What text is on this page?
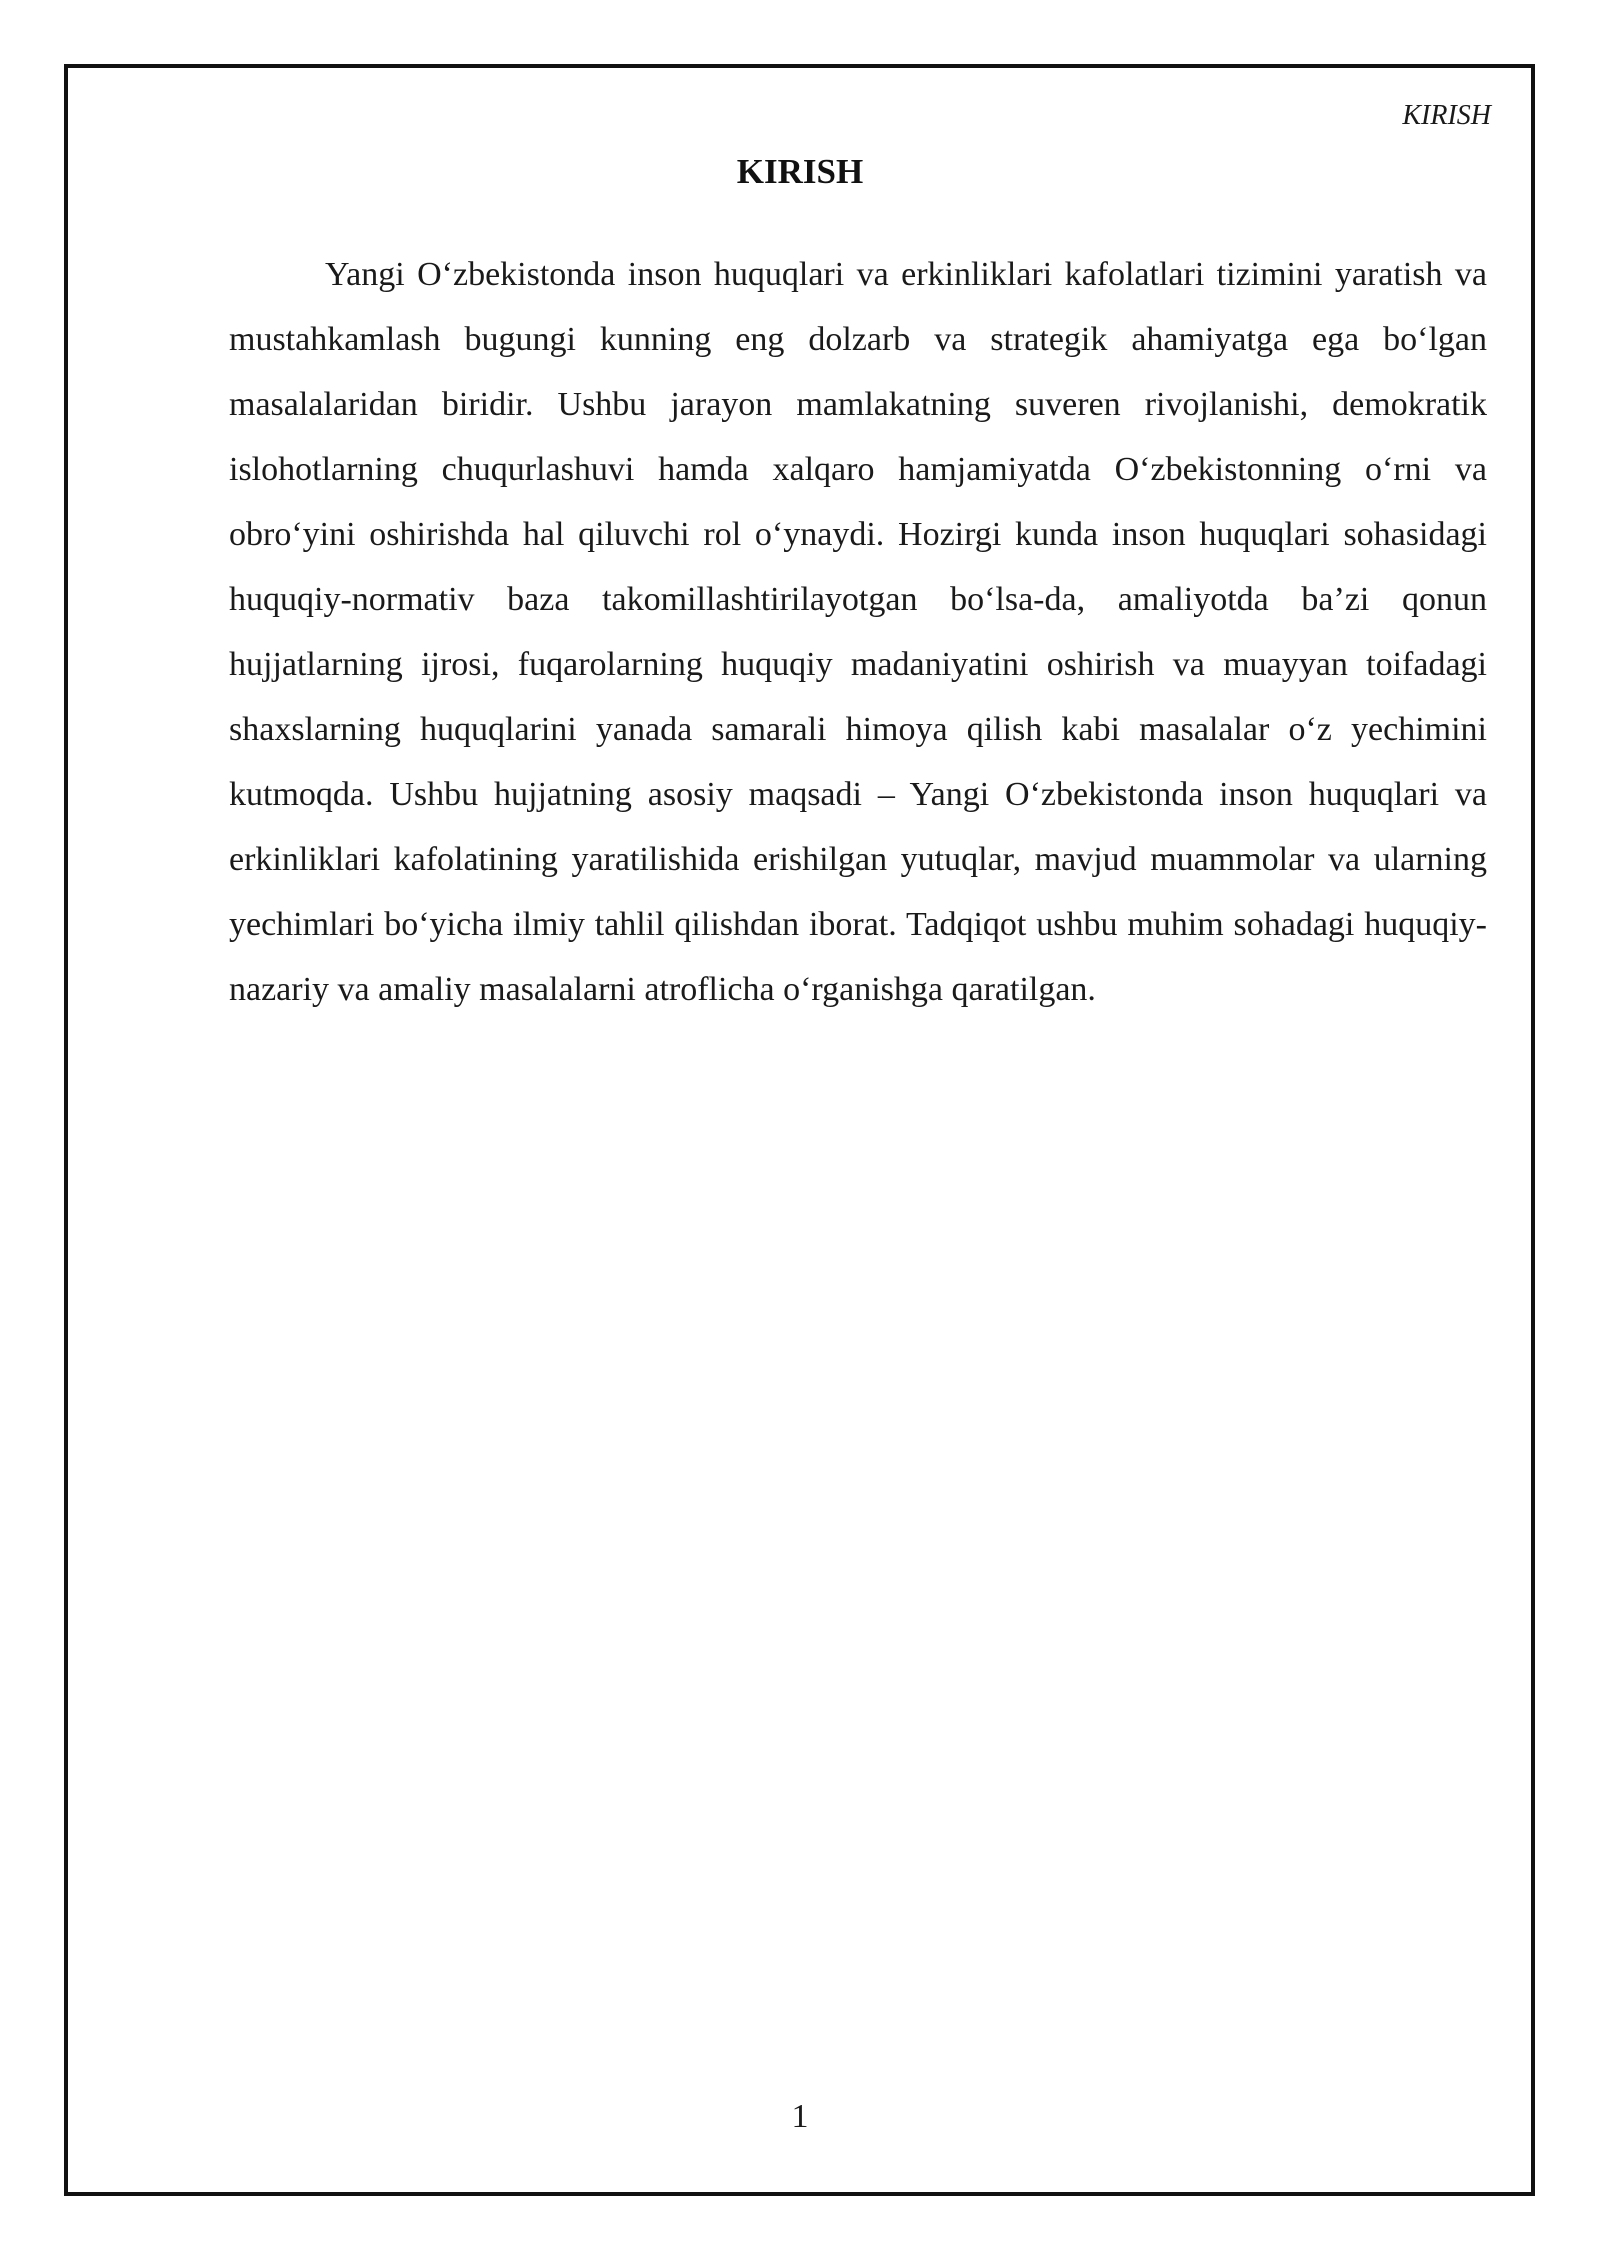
KIRISH
KIRISH

Yangi O‘zbekistonda inson huquqlari va erkinliklari kafolatlari tizimini yaratish va mustahkamlash bugungi kunning eng dolzarb va strategik ahamiyatga ega bo‘lgan masalalaridan biridir. Ushbu jarayon mamlakatning suveren rivojlanishi, demokratik islohotlarning chuqurlashuvi hamda xalqaro hamjamiyatda O‘zbekistonning o‘rni va obro‘yini oshirishda hal qiluvchi rol o‘ynaydi. Hozirgi kunda inson huquqlari sohasidagi huquqiy-normativ baza takomillashtirilayotgan bo‘lsa-da, amaliyotda ba’zi qonun hujjatlarning ijrosi, fuqarolarning huquqiy madaniyatini oshirish va muayyan toifadagi shaxslarning huquqlarini yanada samarali himoya qilish kabi masalalar o‘z yechimini kutmoqda. Ushbu hujjatning asosiy maqsadi – Yangi O‘zbekistonda inson huquqlari va erkinliklari kafolatining yaratilishida erishilgan yutuqlar, mavjud muammolar va ularning yechimlari bo‘yicha ilmiy tahlil qilishdan iborat. Tadqiqot ushbu muhim sohadagi huquqiy-nazariy va amaliy masalalarni atroflicha o‘rganishga qaratilgan.

1
